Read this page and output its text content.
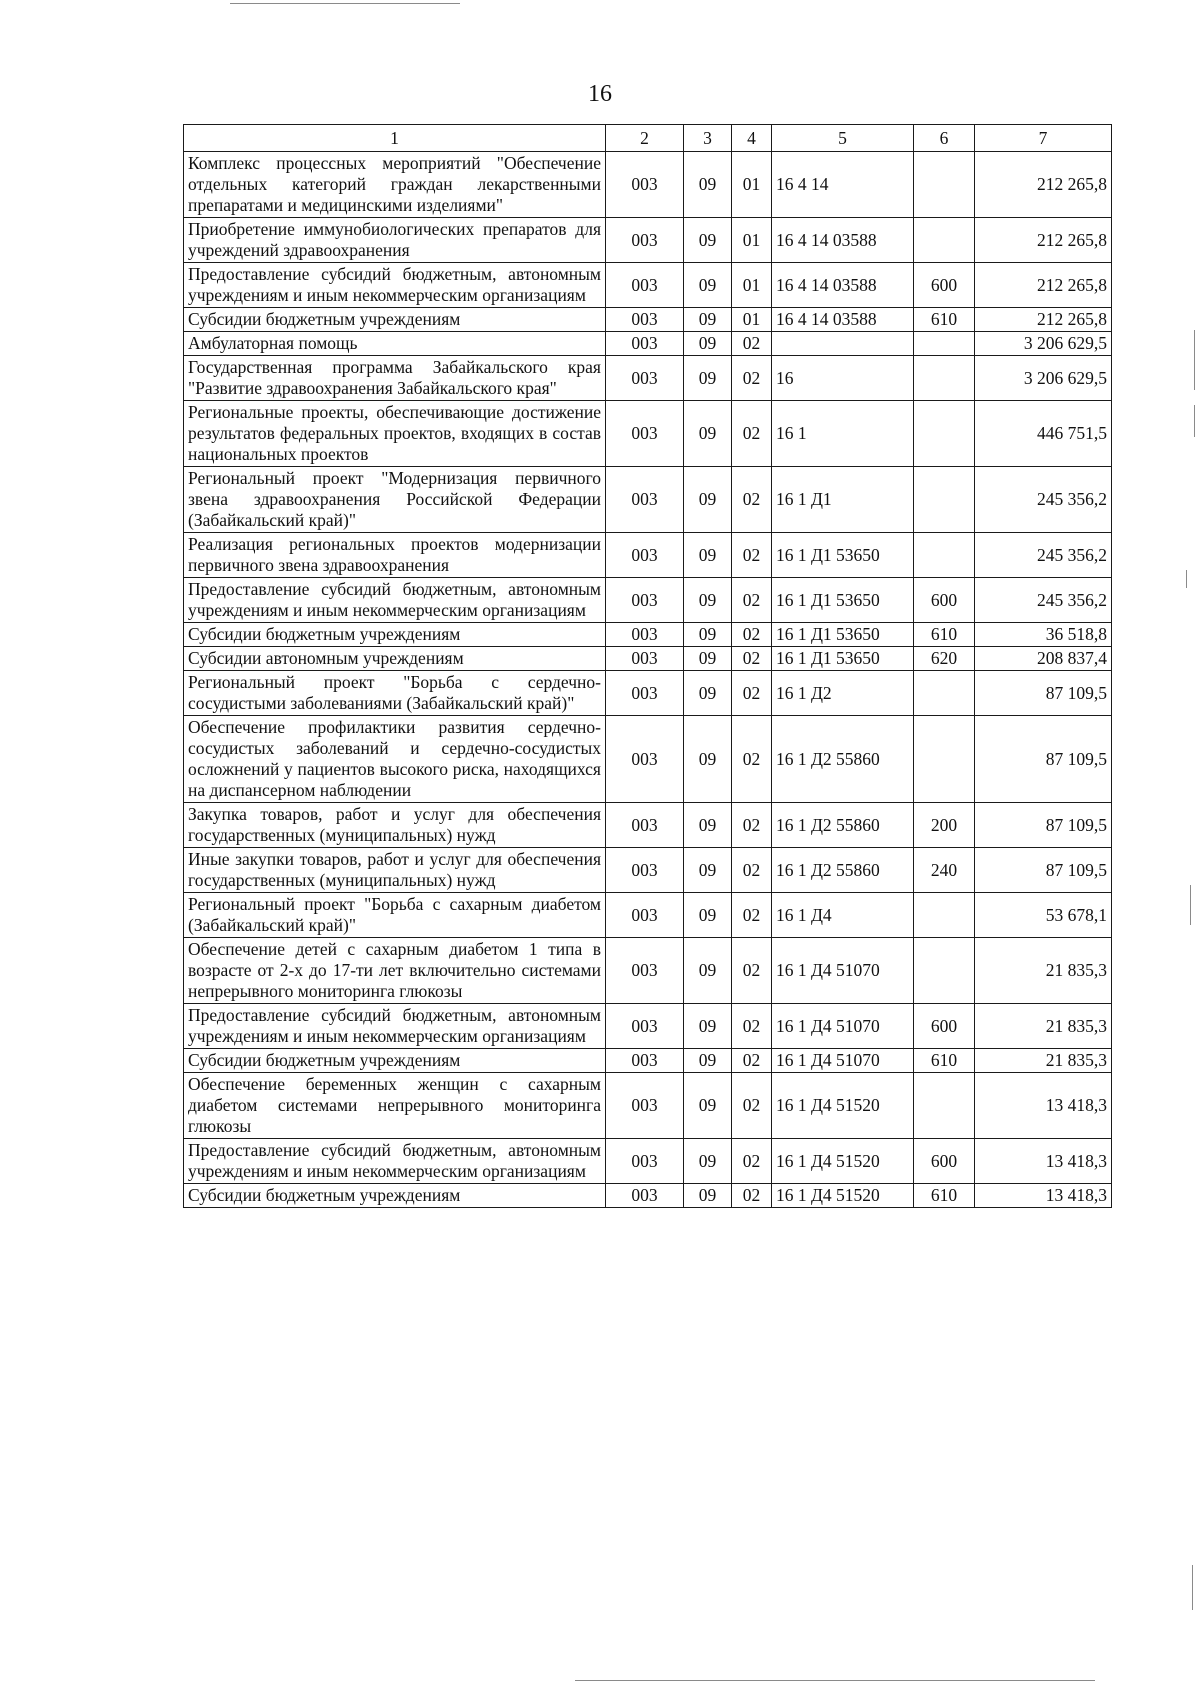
16
1	2	3	4	5	6	7
Комплекс процессных мероприятий "Обеспечение отдельных категорий граждан лекарственными препаратами и медицинскими изделиями"	003	09	01	16 4 14		212 265,8
Приобретение иммунобиологических препаратов для учреждений здравоохранения	003	09	01	16 4 14 03588		212 265,8
Предоставление субсидий бюджетным, автономным учреждениям и иным некоммерческим организациям	003	09	01	16 4 14 03588	600	212 265,8
Субсидии бюджетным учреждениям	003	09	01	16 4 14 03588	610	212 265,8
Амбулаторная помощь	003	09	02			3 206 629,5
Государственная программа Забайкальского края "Развитие здравоохранения Забайкальского края"	003	09	02	16		3 206 629,5
Региональные проекты, обеспечивающие достижение результатов федеральных проектов, входящих в состав национальных проектов	003	09	02	16 1		446 751,5
Региональный проект "Модернизация первичного звена здравоохранения Российской Федерации (Забайкальский край)"	003	09	02	16 1 Д1		245 356,2
Реализация региональных проектов модернизации первичного звена здравоохранения	003	09	02	16 1 Д1 53650		245 356,2
Предоставление субсидий бюджетным, автономным учреждениям и иным некоммерческим организациям	003	09	02	16 1 Д1 53650	600	245 356,2
Субсидии бюджетным учреждениям	003	09	02	16 1 Д1 53650	610	36 518,8
Субсидии автономным учреждениям	003	09	02	16 1 Д1 53650	620	208 837,4
Региональный проект "Борьба с сердечно-сосудистыми заболеваниями (Забайкальский край)"	003	09	02	16 1 Д2		87 109,5
Обеспечение профилактики развития сердечно-сосудистых заболеваний и сердечно-сосудистых осложнений у пациентов высокого риска, находящихся на диспансерном наблюдении	003	09	02	16 1 Д2 55860		87 109,5
Закупка товаров, работ и услуг для обеспечения государственных (муниципальных) нужд	003	09	02	16 1 Д2 55860	200	87 109,5
Иные закупки товаров, работ и услуг для обеспечения государственных (муниципальных) нужд	003	09	02	16 1 Д2 55860	240	87 109,5
Региональный проект "Борьба с сахарным диабетом (Забайкальский край)"	003	09	02	16 1 Д4		53 678,1
Обеспечение детей с сахарным диабетом 1 типа в возрасте от 2-х до 17-ти лет включительно системами непрерывного мониторинга глюкозы	003	09	02	16 1 Д4 51070		21 835,3
Предоставление субсидий бюджетным, автономным учреждениям и иным некоммерческим организациям	003	09	02	16 1 Д4 51070	600	21 835,3
Субсидии бюджетным учреждениям	003	09	02	16 1 Д4 51070	610	21 835,3
Обеспечение беременных женщин с сахарным диабетом системами непрерывного мониторинга глюкозы	003	09	02	16 1 Д4 51520		13 418,3
Предоставление субсидий бюджетным, автономным учреждениям и иным некоммерческим организациям	003	09	02	16 1 Д4 51520	600	13 418,3
Субсидии бюджетным учреждениям	003	09	02	16 1 Д4 51520	610	13 418,3
